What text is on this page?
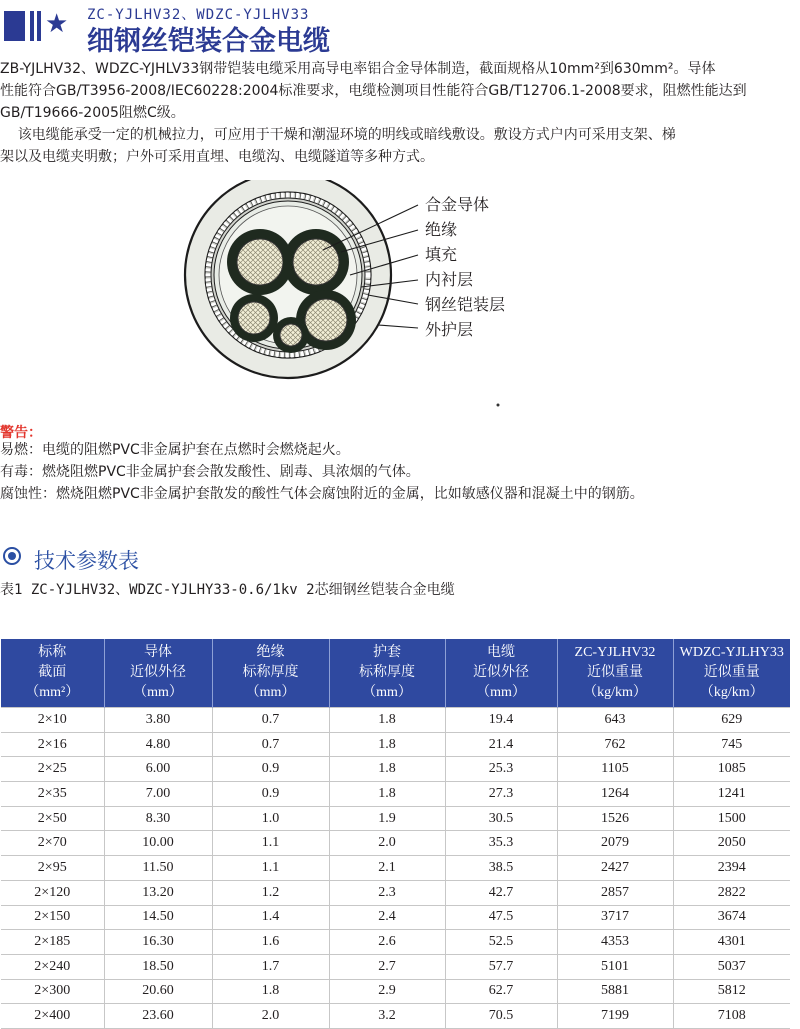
★ ZC-YJLHV32、WDZC-YJLHV33
细钢丝铠装合金电缆

ZB-YJLHV32、WDZC-YJHLV33钢带铠装电缆采用高导电率铝合金导体制造，截面规格从10mm²到630mm²。导体

性能符合GB/T3956-2008/IEC60228:2004标准要求，电缆检测项目性能符合GB/T12706.1-2008要求，阻燃性能达到

GB/T19666-2005阻燃C级。

该电缆能承受一定的机械拉力，可应用于干燥和潮湿环境的明线或暗线敷设。敷设方式户内可采用支架、梯

架以及电缆夹明敷；户外可采用直埋、电缆沟、电缆隧道等多种方式。

合金导体
绝缘
填充
内衬层
钢丝铠装层
外护层
警告：
易燃：电缆的阻燃PVC非金属护套在点燃时会燃烧起火。
有毒：燃烧阻燃PVC非金属护套会散发酸性、剧毒、具浓烟的气体。
腐蚀性：燃烧阻燃PVC非金属护套散发的酸性气体会腐蚀附近的金属，比如敏感仪器和混凝土中的钢筋。
技术参数表
表1 ZC-YJLHV32、WDZC-YJLHY33-0.6/1kv 2芯细钢丝铠装合金电缆
标称
截面
（mm²）	导体
近似外径
（mm）	绝缘
标称厚度
（mm）	护套
标称厚度
（mm）	电缆
近似外径
（mm）	ZC-YJLHV32
近似重量
（kg/km）	WDZC-YJLHY33
近似重量
（kg/km）

2×10	3.80	0.7	1.8	19.4	643	629
2×16	4.80	0.7	1.8	21.4	762	745
2×25	6.00	0.9	1.8	25.3	1105	1085
2×35	7.00	0.9	1.8	27.3	1264	1241
2×50	8.30	1.0	1.9	30.5	1526	1500
2×70	10.00	1.1	2.0	35.3	2079	2050
2×95	11.50	1.1	2.1	38.5	2427	2394
2×120	13.20	1.2	2.3	42.7	2857	2822
2×150	14.50	1.4	2.4	47.5	3717	3674
2×185	16.30	1.6	2.6	52.5	4353	4301
2×240	18.50	1.7	2.7	57.7	5101	5037
2×300	20.60	1.8	2.9	62.7	5881	5812
2×400	23.60	2.0	3.2	70.5	7199	7108
